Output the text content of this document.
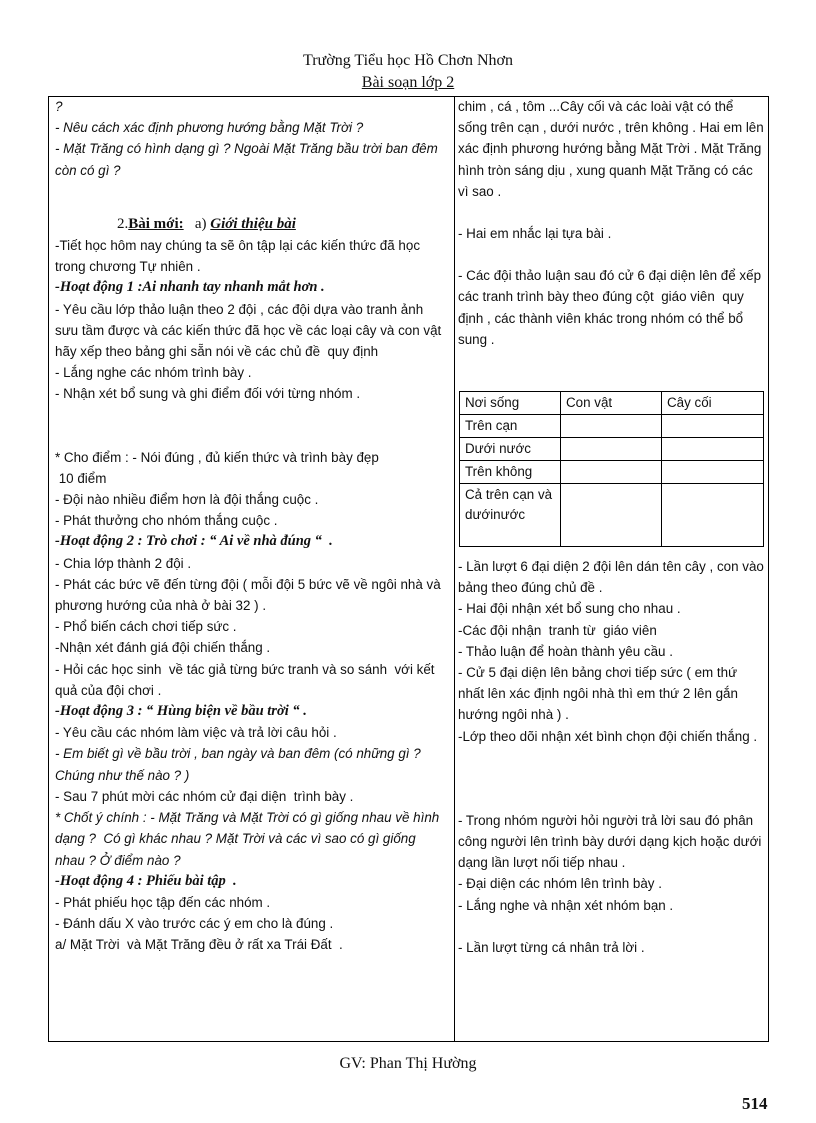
Trường Tiểu học Hồ Chơn Nhơn
Bài soạn lớp 2

?

- Nêu cách xác định phương hướng bằng Mặt Trời ?

- Mặt Trăng có hình dạng gì ? Ngoài Mặt Trăng bầu trời ban đêm còn có gì ?

2.Bài mới:   a) Giới thiệu bài

-Tiết học hôm nay chúng ta sẽ ôn tập lại các kiến thức đã học trong chương Tự nhiên .

-Hoạt động 1 :Ai nhanh tay nhanh mắt hơn .

- Yêu cầu lớp thảo luận theo 2 đội , các đội dựa vào tranh ảnh sưu tầm được và các kiến thức đã học về các loại cây và con vật hãy xếp theo bảng ghi sẵn nói về các chủ đề  quy định

- Lắng nghe các nhóm trình bày .

- Nhận xét bổ sung và ghi điểm đối với từng nhóm .

* Cho điểm : - Nói đúng , đủ kiến thức và trình bày đẹp

10 điểm

- Đội nào nhiều điểm hơn là đội thắng cuộc .

- Phát thưởng cho nhóm thắng cuộc .

-Hoạt động 2 : Trò chơi : “ Ai về nhà đúng “  .

- Chia lớp thành 2 đội .

- Phát các bức vẽ đến từng đội ( mỗi đội 5 bức vẽ về ngôi nhà và phương hướng của nhà ở bài 32 ) .

- Phổ biến cách chơi tiếp sức .

-Nhận xét đánh giá đội chiến thắng .

- Hỏi các học sinh  về tác giả từng bức tranh và so sánh  với kết quả của đội chơi .

-Hoạt động 3 : “ Hùng biện về bầu trời “ .

- Yêu cầu các nhóm làm việc và trả lời câu hỏi .

- Em biết gì về bầu trời , ban ngày và ban đêm (có những gì ? Chúng như thế nào ? )

- Sau 7 phút mời các nhóm cử đại diện  trình bày .

* Chốt ý chính : - Mặt Trăng và Mặt Trời có gì giống nhau về hình dạng ?  Có gì khác nhau ? Mặt Trời và các vì sao có gì giống nhau ? Ở điểm nào ?

-Hoạt động 4 : Phiếu bài tập  .

- Phát phiếu học tập đến các nhóm .

- Đánh dấu X vào trước các ý em cho là đúng .

a/ Mặt Trời  và Mặt Trăng đều ở rất xa Trái Đất  .

chim , cá , tôm ...Cây cối và các loài vật có thể sống trên cạn , dưới nước , trên không . Hai em lên xác định phương hướng bằng Mặt Trời . Mặt Trăng hình tròn sáng dịu , xung quanh Mặt Trăng có các vì sao .

- Hai em nhắc lại tựa bài .

- Các đội thảo luận sau đó cử 6 đại diện lên để xếp các tranh trình bày theo đúng cột  giáo viên  quy định , các thành viên khác trong nhóm có thể bổ sung .

Nơi sống	Con vật	Cây cối
Trên cạn		
Dưới nước		
Trên không		
Cả trên cạn và dướinước		

- Lần lượt 6 đại diện 2 đội lên dán tên cây , con vào bảng theo đúng chủ đề .

- Hai đội nhận xét bổ sung cho nhau .

-Các đội nhận  tranh từ  giáo viên

- Thảo luận để hoàn thành yêu cầu .

- Cử 5 đại diện lên bảng chơi tiếp sức ( em thứ nhất lên xác định ngôi nhà thì em thứ 2 lên gắn hướng ngôi nhà ) .

-Lớp theo dõi nhận xét bình chọn đội chiến thắng .

- Trong nhóm người hỏi người trả lời sau đó phân công người lên trình bày dưới dạng kịch hoặc dưới dạng lần lượt nối tiếp nhau .

- Đại diện các nhóm lên trình bày .

- Lắng nghe và nhận xét nhóm bạn .

- Lần lượt từng cá nhân trả lời .

GV: Phan Thị Hường
514
